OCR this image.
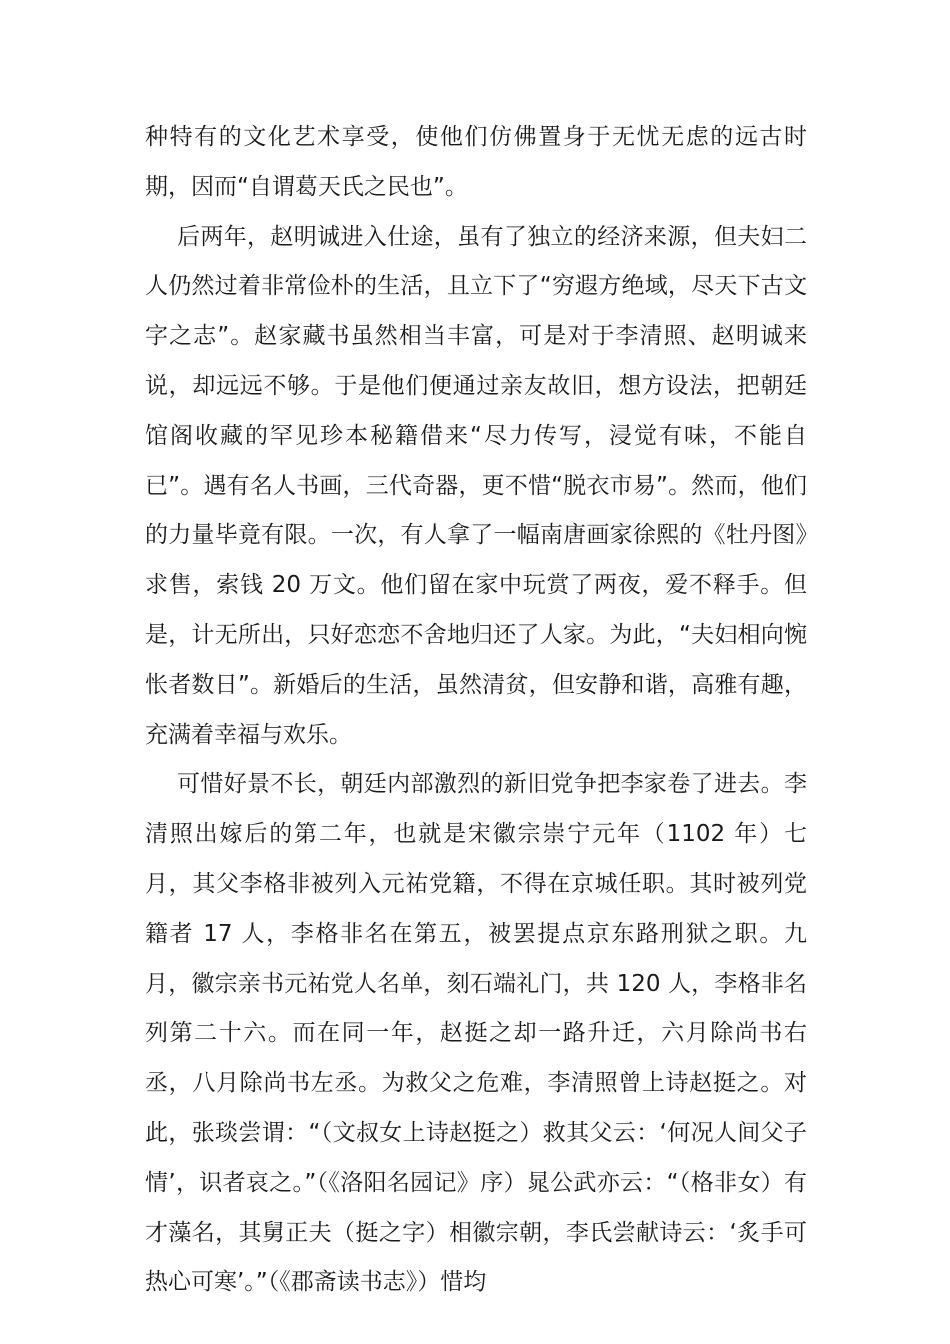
种特有的文化艺术享受，使他们仿佛置身于无忧无虑的远古时期，因而“自谓葛天氏之民也”。

后两年，赵明诚进入仕途，虽有了独立的经济来源，但夫妇二人仍然过着非常俭朴的生活，且立下了“穷遐方绝域，尽天下古文字之志”。赵家藏书虽然相当丰富，可是对于李清照、赵明诚来说，却远远不够。于是他们便通过亲友故旧，想方设法，把朝廷馆阁收藏的罕见珍本秘籍借来“尽力传写，浸觉有味，不能自已”。遇有名人书画，三代奇器，更不惜“脱衣市易”。然而，他们的力量毕竟有限。一次，有人拿了一幅南唐画家徐熙的《牡丹图》求售，索钱 20 万文。他们留在家中玩赏了两夜，爱不释手。但是，计无所出，只好恋恋不舍地归还了人家。为此，“夫妇相向惋怅者数日”。新婚后的生活，虽然清贫，但安静和谐，高雅有趣，充满着幸福与欢乐。

可惜好景不长，朝廷内部激烈的新旧党争把李家卷了进去。李清照出嫁后的第二年，也就是宋徽宗崇宁元年（1102 年）七月，其父李格非被列入元祐党籍，不得在京城任职。其时被列党籍者 17 人，李格非名在第五，被罢提点京东路刑狱之职。九月，徽宗亲书元祐党人名单，刻石端礼门，共 120 人，李格非名列第二十六。而在同一年，赵挺之却一路升迁，六月除尚书右丞，八月除尚书左丞。为救父之危难，李清照曾上诗赵挺之。对此，张琰尝谓：“（文叔女上诗赵挺之）救其父云：‘何况人间父子情’，识者哀之。”（《洛阳名园记》序）晁公武亦云：“（格非女）有才藻名，其舅正夫（挺之字）相徽宗朝，李氏尝献诗云：‘炙手可热心可寒’。”（《郡斋读书志》）惜均
